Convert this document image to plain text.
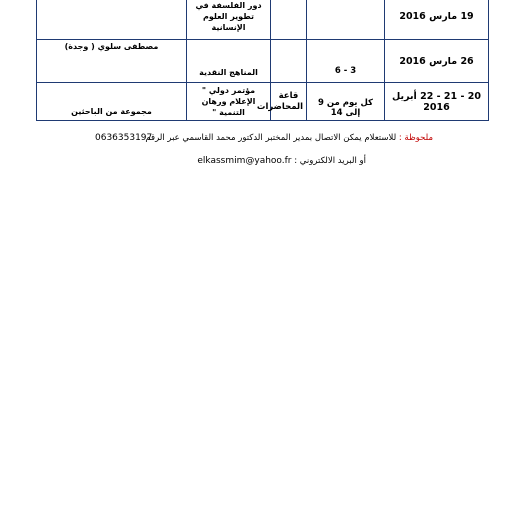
19 مارس 2016			دور الفلسفة في تطوير العلوم الإنسانية	
26 مارس 2016	3 - 6		المناهج النقدية	مصطفى سلوي ( وجدة)
20 - 21 - 22 أبريل 2016	كل يوم من 9 إلى 14	قاعة المحاضرات	مؤتمر دولي " الإعلام ورهان التنمية "	مجموعة من الباحثين
ملحوظة : للاستعلام يمكن الاتصال بمدير المختبر الدكتور محمد القاسمي عبر الرقم
0636353197
أو البريد الالكتروني : elkassmim@yahoo.fr
